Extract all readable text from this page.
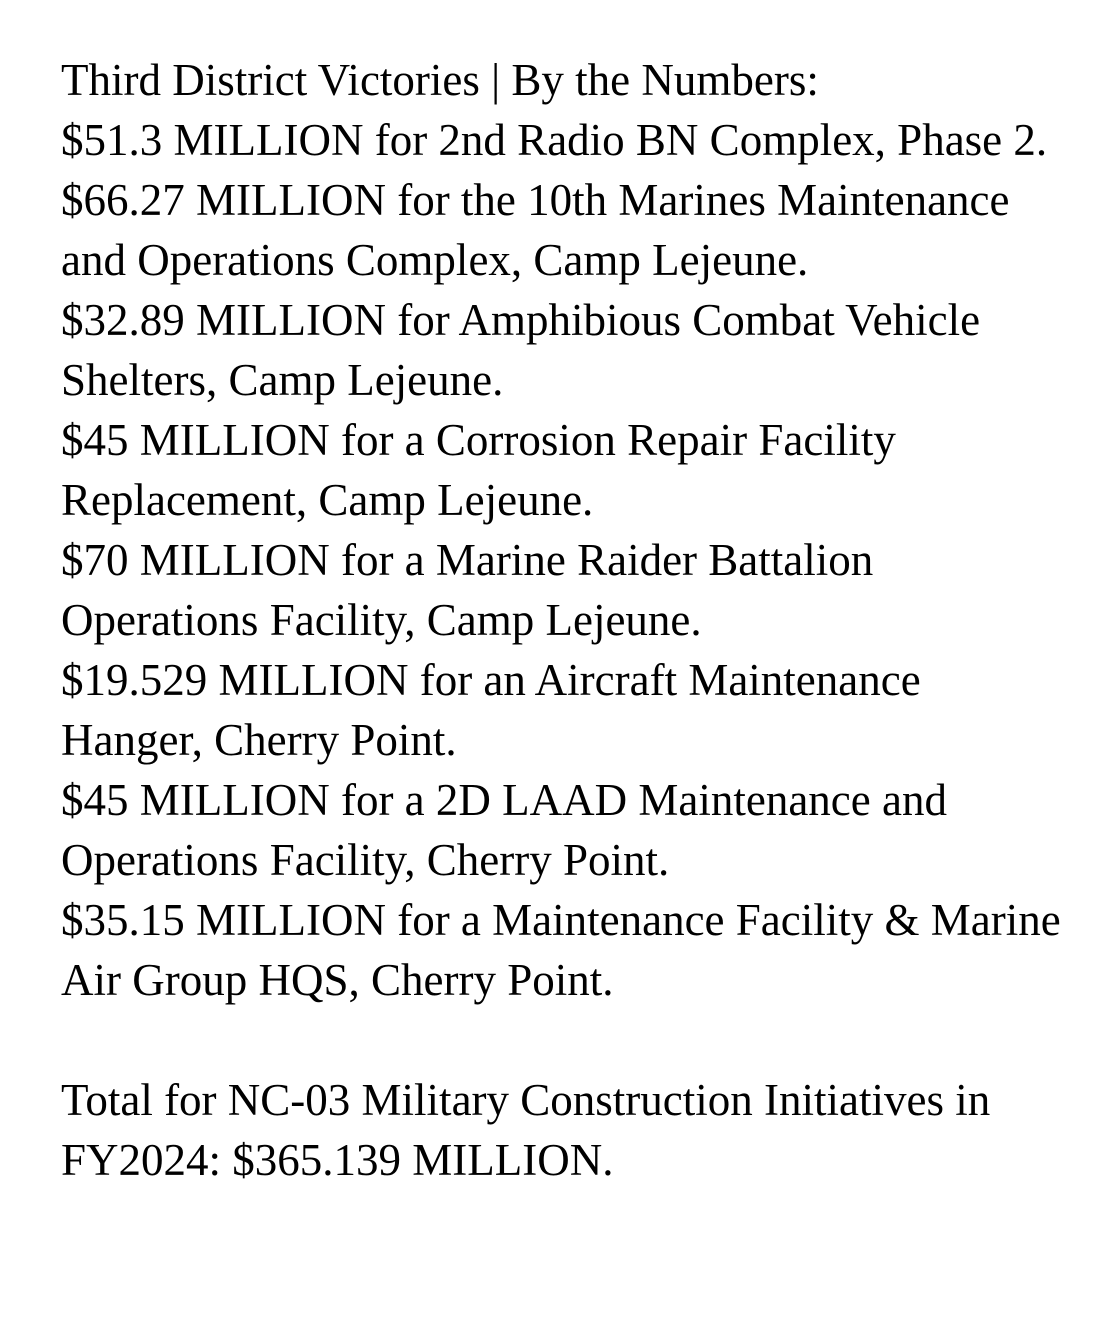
Third District Victories | By the Numbers:

$51.3 MILLION for 2nd Radio BN Complex, Phase 2.

$66.27 MILLION for the 10th Marines Maintenance and Operations Complex, Camp Lejeune.

$32.89 MILLION for Amphibious Combat Vehicle Shelters, Camp Lejeune.

$45 MILLION for a Corrosion Repair Facility Replacement, Camp Lejeune.

$70 MILLION for a Marine Raider Battalion Operations Facility, Camp Lejeune.

$19.529 MILLION for an Aircraft Maintenance Hanger, Cherry Point.

$45 MILLION for a 2D LAAD Maintenance and Operations Facility, Cherry Point.

$35.15 MILLION for a Maintenance Facility & Marine Air Group HQS, Cherry Point.

Total for NC-03 Military Construction Initiatives in FY2024: $365.139 MILLION.
